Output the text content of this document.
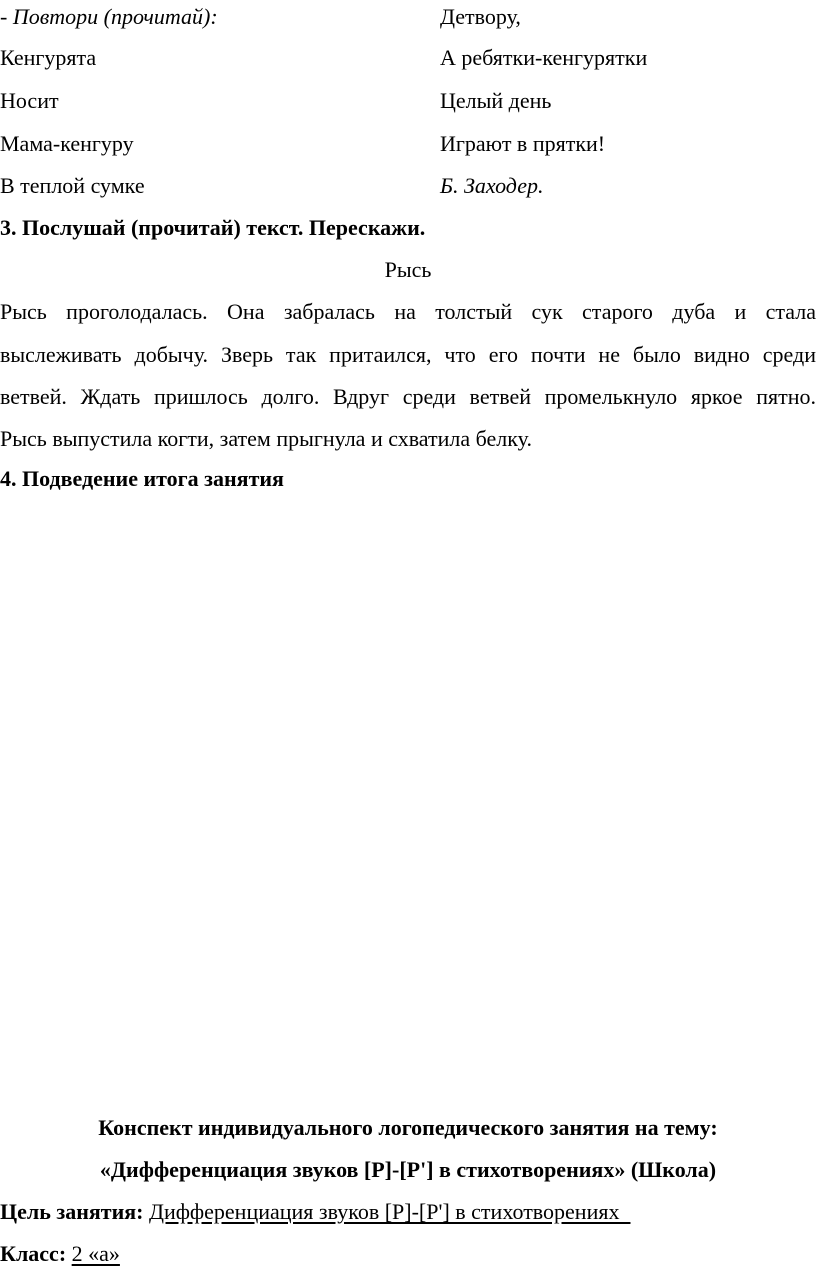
- Повтори (прочитай):	Детвору,
Кенгурята	А ребятки-кенгурятки
Носит	Целый день
Мама-кенгуру	Играют в прятки!
В теплой сумке	Б. Заходер.
3. Послушай (прочитай) текст. Перескажи.
Рысь
Рысь проголодалась. Она забралась на толстый сук старого дуба и стала
выслеживать добычу. Зверь так притаился, что его почти не было видно среди
ветвей. Ждать пришлось долго. Вдруг среди ветвей промелькнуло яркое пятно.
Рысь выпустила когти, затем прыгнула и схватила белку.
4. Подведение итога занятия
Конспект индивидуального логопедического занятия на тему:
«Дифференциация звуков [Р]-[Р'] в стихотворениях» (Школа)
Цель занятия: Дифференциация звуков [Р]-[Р'] в стихотворениях
Класс: 2 «а»
